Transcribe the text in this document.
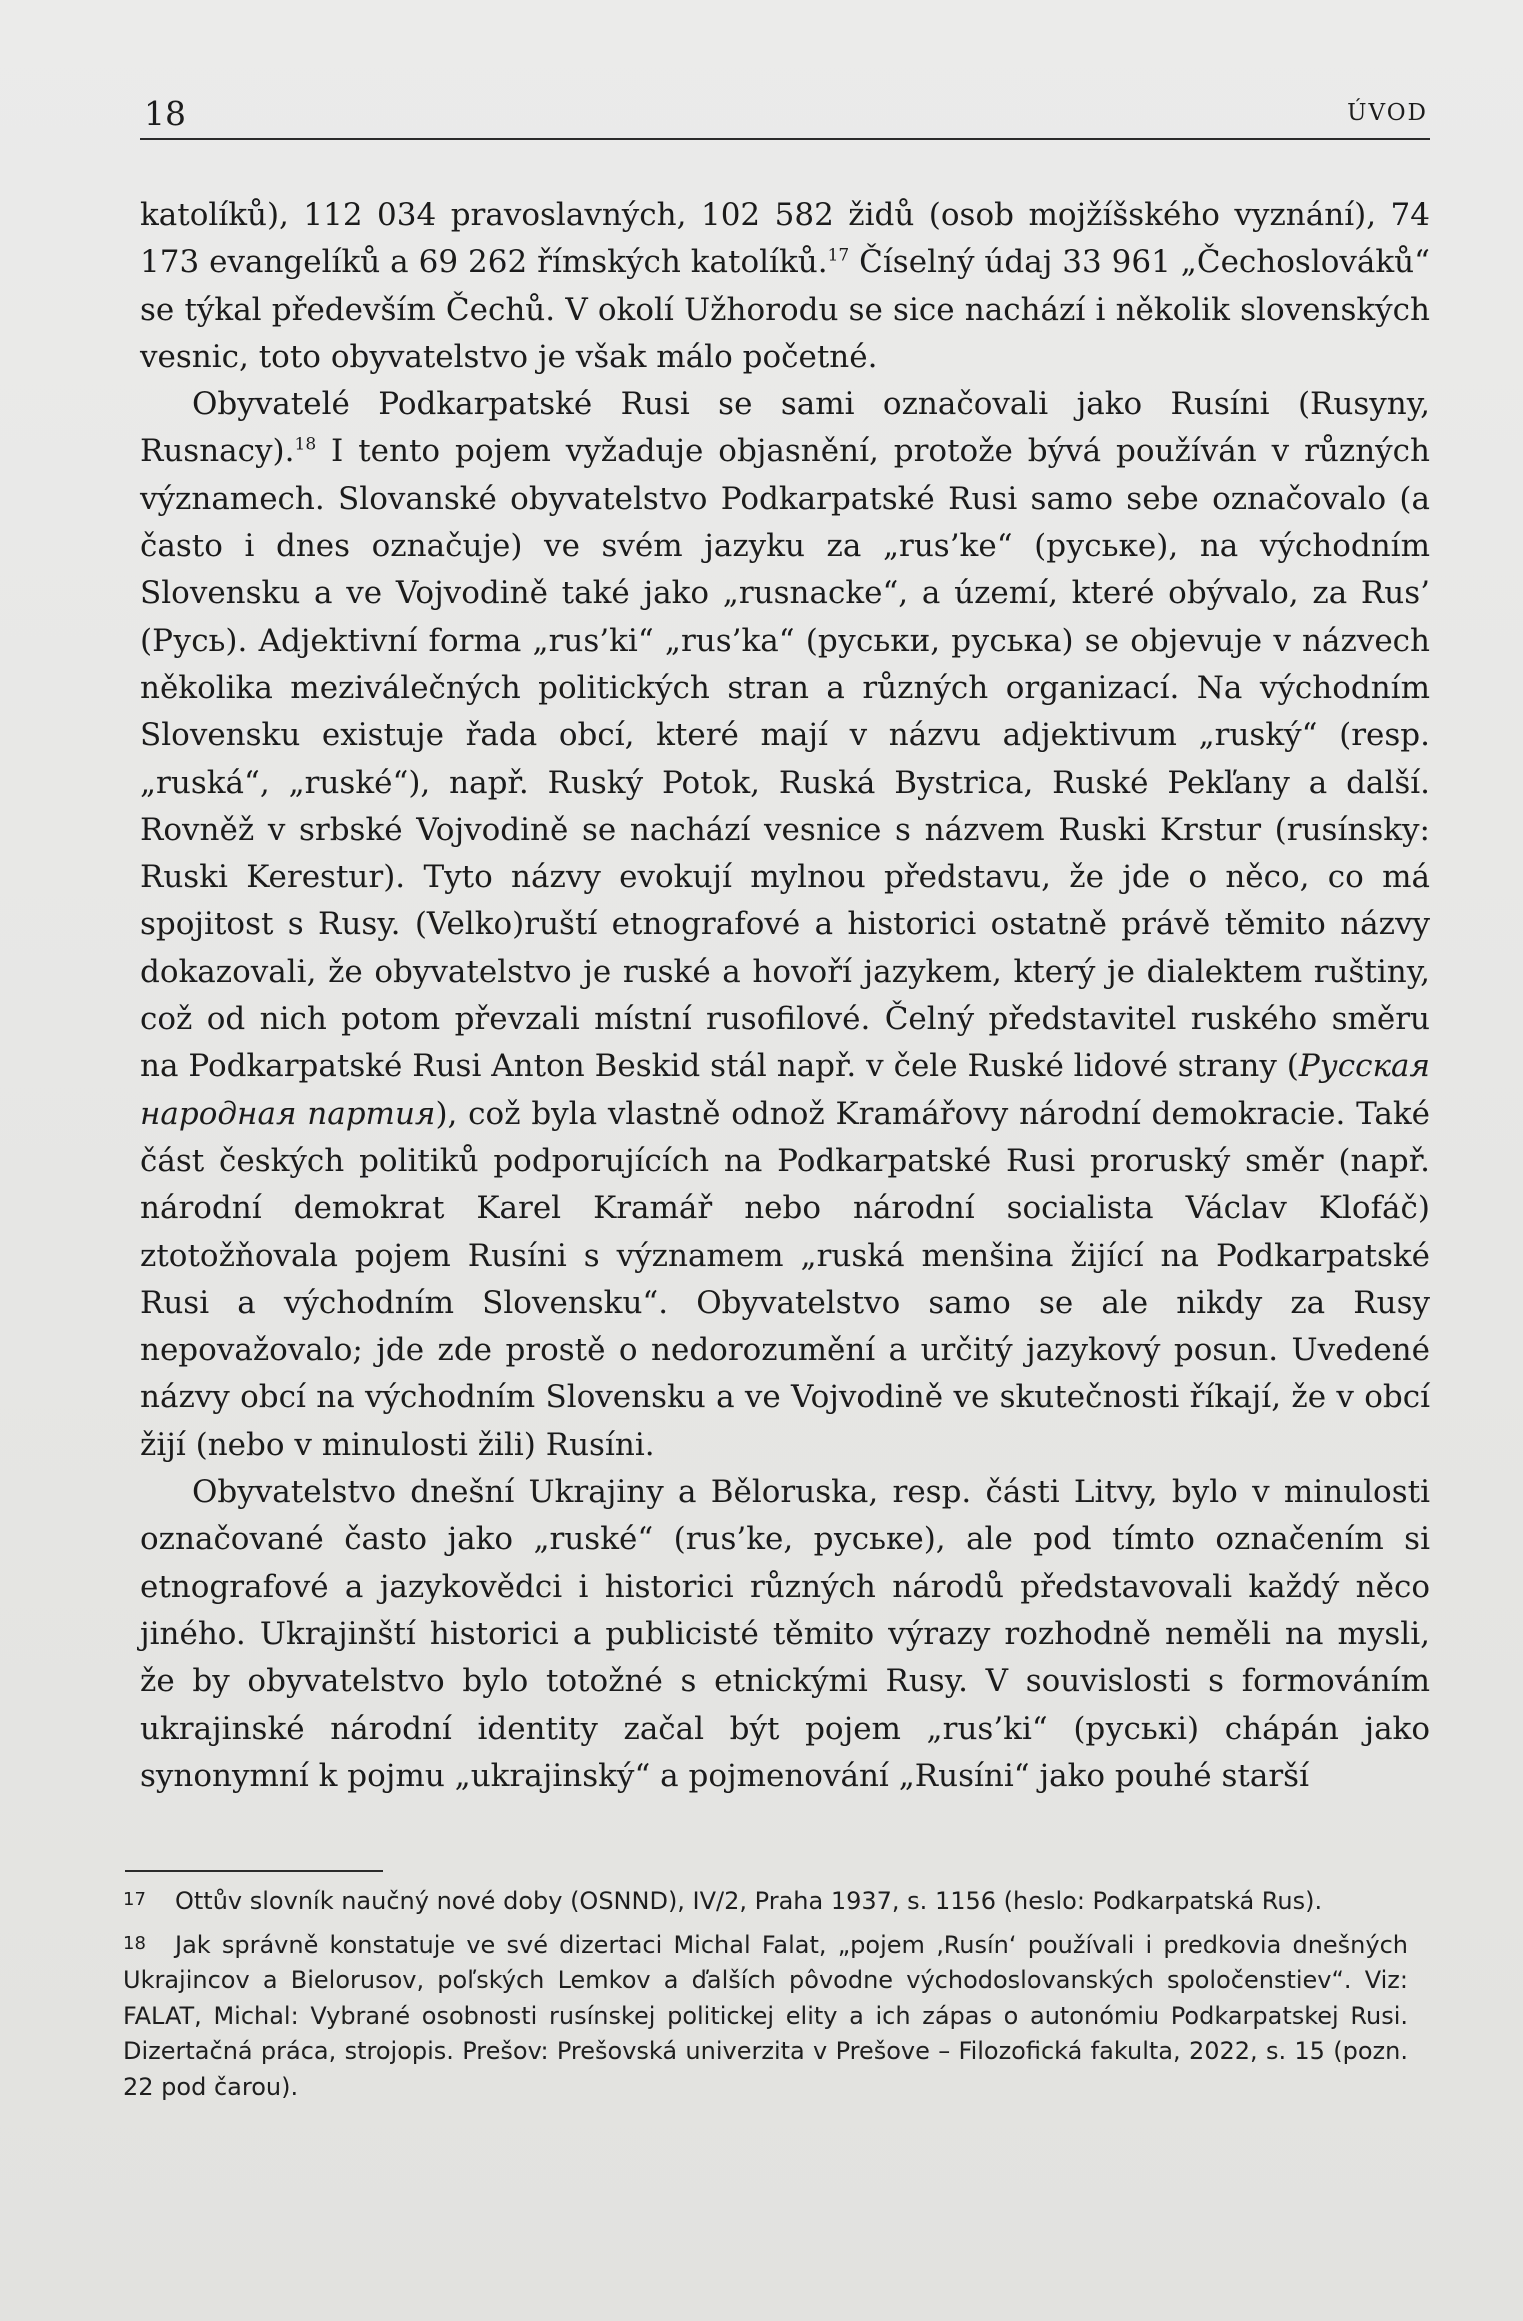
18	ÚVOD

katolíků), 112 034 pravoslavných, 102 582 židů (osob mojžíšského vyznání), 74 173 evangelíků a 69 262 římských katolíků.$^{17}$ Číselný údaj 33 961 „Čechoslováků“ se týkal především Čechů. V okolí Užhorodu se sice nachází i několik slovenských vesnic, toto obyvatelstvo je však málo početné.

Obyvatelé Podkarpatské Rusi se sami označovali jako Rusíni (Rusyny, Rusnacy).$^{18}$ I tento pojem vyžaduje objasnění, protože bývá používán v různých významech. Slovanské obyvatelstvo Podkarpatské Rusi samo sebe označovalo (a často i dnes označuje) ve svém jazyku za „rus’ke“ (руське), na východním Slovensku a ve Vojvodině také jako „rusnacke“, a území, které obývalo, za Rus’ (Русь). Adjektivní forma „rus’ki“ „rus’ka“ (руськи, руська) se objevuje v názvech několika meziválečných politických stran a různých organizací. Na východním Slovensku existuje řada obcí, které mají v názvu adjektivum „ruský“ (resp. „ruská“, „ruské“), např. Ruský Potok, Ruská Bystrica, Ruské Pekľany a další. Rovněž v srbské Vojvodině se nachází vesnice s názvem Ruski Krstur (rusínsky: Ruski Kerestur). Tyto názvy evokují mylnou představu, že jde o něco, co má spojitost s Rusy. (Velko)ruští etnografové a historici ostatně právě těmito názvy dokazovali, že obyvatelstvo je ruské a hovoří jazykem, který je dialektem ruštiny, což od nich potom převzali místní rusofilové. Čelný představitel ruského směru na Podkarpatské Rusi Anton Beskid stál např. v čele Ruské lidové strany (Русская народная партия), což byla vlastně odnož Kramářovy národní demokracie. Také část českých politiků podporujících na Podkarpatské Rusi proruský směr (např. národní demokrat Karel Kramář nebo národní socialista Václav Klofáč) ztotožňovala pojem Rusíni s významem „ruská menšina žijící na Podkarpatské Rusi a východním Slovensku“. Obyvatelstvo samo se ale nikdy za Rusy nepovažovalo; jde zde prostě o nedorozumění a určitý jazykový posun. Uvedené názvy obcí na východním Slovensku a ve Vojvodině ve skutečnosti říkají, že v obcí žijí (nebo v minulosti žili) Rusíni.

Obyvatelstvo dnešní Ukrajiny a Běloruska, resp. části Litvy, bylo v minulosti označované často jako „ruské“ (rus’ke, руське), ale pod tímto označením si etnografové a jazykovědci i historici různých národů představovali každý něco jiného. Ukrajinští historici a publicisté těmito výrazy rozhodně neměli na mysli, že by obyvatelstvo bylo totožné s etnickými Rusy. V souvislosti s formováním ukrajinské národní identity začal být pojem „rus’ki“ (руськi) chápán jako synonymní k pojmu „ukrajinský“ a pojmenování „Rusíni“ jako pouhé starší

17 Ottův slovník naučný nové doby (OSNND), IV/2, Praha 1937, s. 1156 (heslo: Podkarpatská Rus).

18 Jak správně konstatuje ve své dizertaci Michal Falat, „pojem ‚Rusín‘ používali i predkovia dnešných Ukrajincov a Bielorusov, poľských Lemkov a ďalších pôvodne východoslovanských spoločenstiev“. Viz: FALAT, Michal: Vybrané osobnosti rusínskej politickej elity a ich zápas o autonómiu Podkarpatskej Rusi. Dizertačná práca, strojopis. Prešov: Prešovská univerzita v Prešove – Filozofická fakulta, 2022, s. 15 (pozn. 22 pod čarou).
